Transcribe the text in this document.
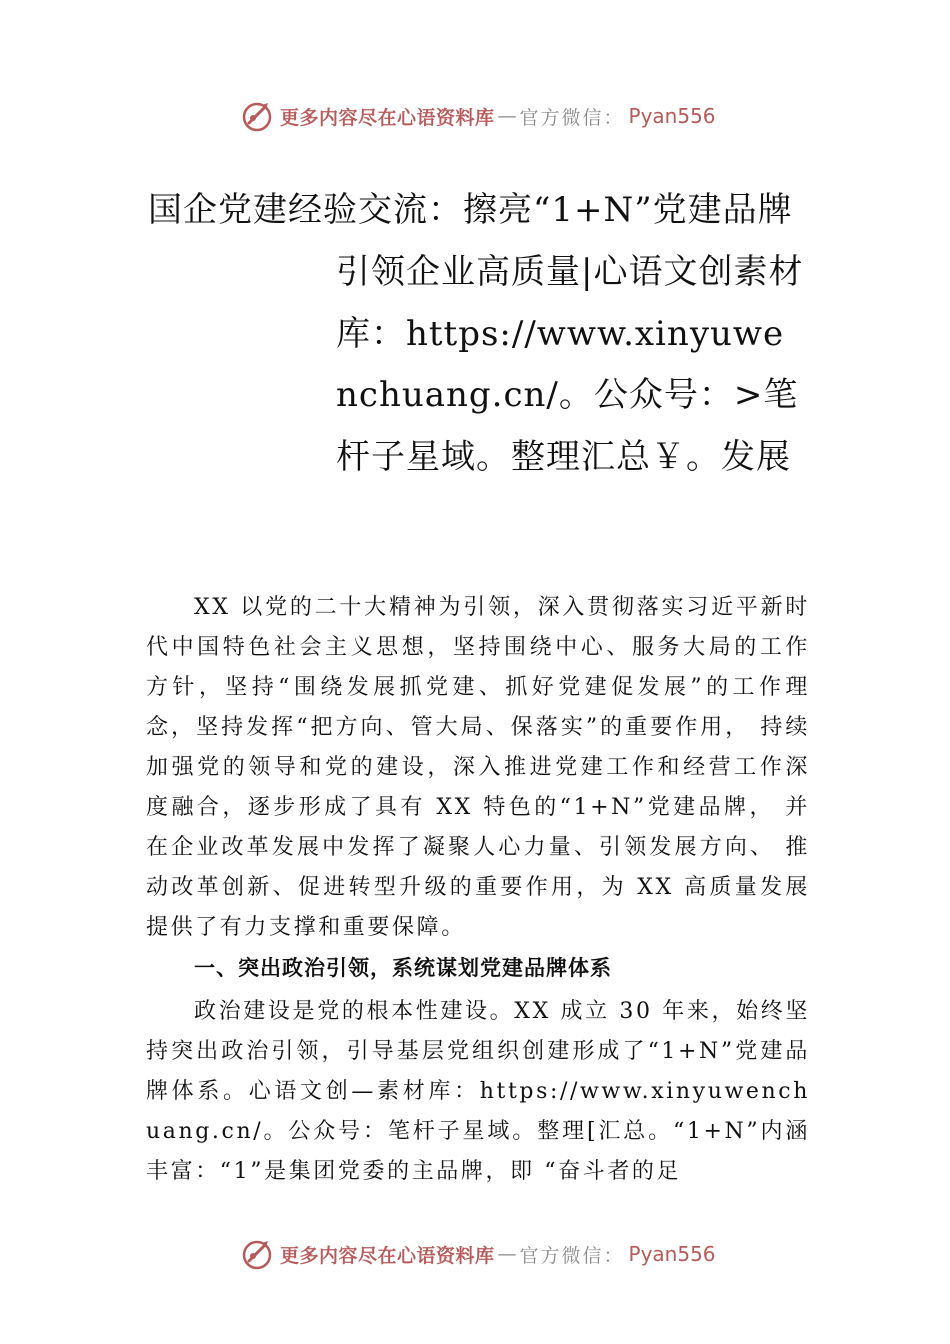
更多内容尽在心语资料库 — 官方微信： Pyan556
国企党建经验交流：擦亮“1+N”党建品牌
引领企业高质量|心语文创素材库：https://www.xinyuwenchuang.cn/。公众号：>笔杆子星域。整理汇总￥。发展

XX 以党的二十大精神为引领，深入贯彻落实习近平新时代中国特色社会主义思想，坚持围绕中心、服务大局的工作方针，坚持“围绕发展抓党建、抓好党建促发展”的工作理念，坚持发挥“把方向、管大局、保落实”的重要作用， 持续加强党的领导和党的建设，深入推进党建工作和经营工作深度融合，逐步形成了具有 XX 特色的“1+N”党建品牌， 并在企业改革发展中发挥了凝聚人心力量、引领发展方向、 推动改革创新、促进转型升级的重要作用，为 XX 高质量发展提供了有力支撑和重要保障。

一、突出政治引领，系统谋划党建品牌体系

政治建设是党的根本性建设。XX 成立 30 年来，始终坚持突出政治引领，引导基层党组织创建形成了“1+N”党建品牌体系。心语文创—素材库：https://www.xinyuwenchuang.cn/。公众号：笔杆子星域。整理[汇总。“1+N”内涵丰富：“1”是集团党委的主品牌，即 “奋斗者的足

更多内容尽在心语资料库 — 官方微信： Pyan556
